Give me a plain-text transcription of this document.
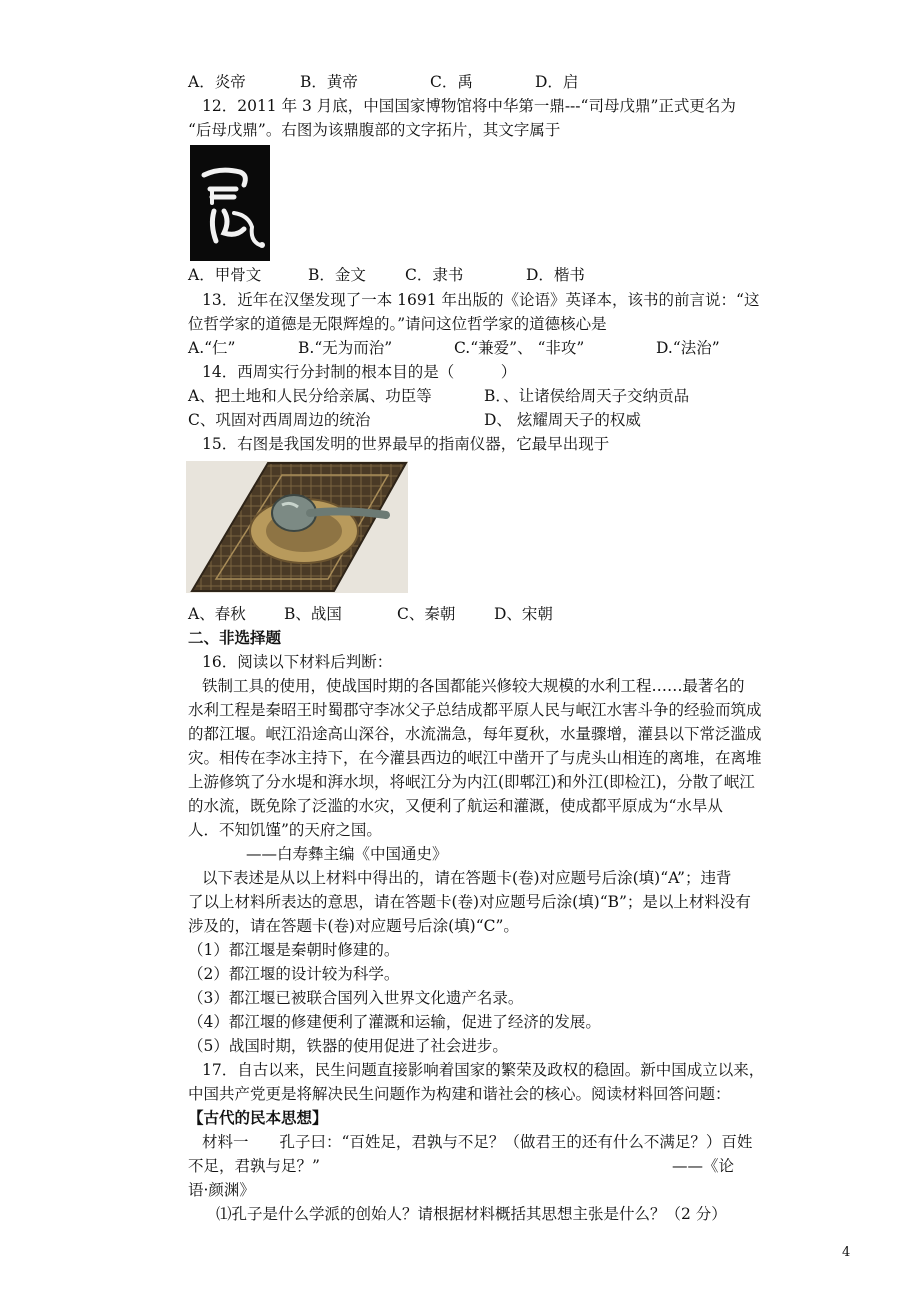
A．炎帝	B．黄帝	C．禹	D．启
12．2011 年 3 月底，中国国家博物馆将中华第一鼎---“司母戊鼎”正式更名为
“后母戊鼎”。右图为该鼎腹部的文字拓片，其文字属于
A．甲骨文	B．金文	C．隶书	D．楷书
13．近年在汉堡发现了一本 1691 年出版的《论语》英译本，该书的前言说：“这
位哲学家的道德是无限辉煌的。”请问这位哲学家的道德核心是
A.“仁”	B.“无为而治”	C.“兼爱”、 “非攻”	D.“法治”
14．西周实行分封制的根本目的是（　　　）
A、把土地和人民分给亲属、功臣等	B．、让诸侯给周天子交纳贡品
C、巩固对西周周边的统治	D、 炫耀周天子的权威
15．右图是我国发明的世界最早的指南仪器，它最早出现于
A、春秋 B、战国	C、秦朝 D、宋朝
二、非选择题
16．阅读以下材料后判断：
铁制工具的使用，使战国时期的各国都能兴修较大规模的水利工程……最著名的
水利工程是秦昭王时蜀郡守李冰父子总结成都平原人民与岷江水害斗争的经验而筑成
的都江堰。岷江沿途高山深谷，水流湍急，每年夏秋，水量骤增，灌县以下常泛滥成
灾。相传在李冰主持下，在今灌县西边的岷江中凿开了与虎头山相连的离堆，在离堆
上游修筑了分水堤和湃水坝，将岷江分为内江(即郫江)和外江(即检江)，分散了岷江
的水流，既免除了泛滥的水灾，又便利了航运和灌溉，使成都平原成为“水旱从
人．不知饥馑”的天府之国。
——白寿彝主编《中国通史》
以下表述是从以上材料中得出的，请在答题卡(卷)对应题号后涂(填)“A”；违背
了以上材料所表达的意思，请在答题卡(卷)对应题号后涂(填)“B”；是以上材料没有
涉及的，请在答题卡(卷)对应题号后涂(填)“C”。
（1）都江堰是秦朝时修建的。
（2）都江堰的设计较为科学。
（3）都江堰已被联合国列入世界文化遗产名录。
（4）都江堰的修建便利了灌溉和运输，促进了经济的发展。
（5）战国时期，铁器的使用促进了社会进步。
17．自古以来，民生问题直接影响着国家的繁荣及政权的稳固。新中国成立以来，
中国共产党更是将解决民生问题作为构建和谐社会的核心。阅读材料回答问题：
【古代的民本思想】
材料一　　孔子曰：“百姓足，君孰与不足？（做君王的还有什么不满足？）百姓
不足，君孰与足？”	——《论
语·颜渊》
⑴孔子是什么学派的创始人？请根据材料概括其思想主张是什么？（2 分）
4
